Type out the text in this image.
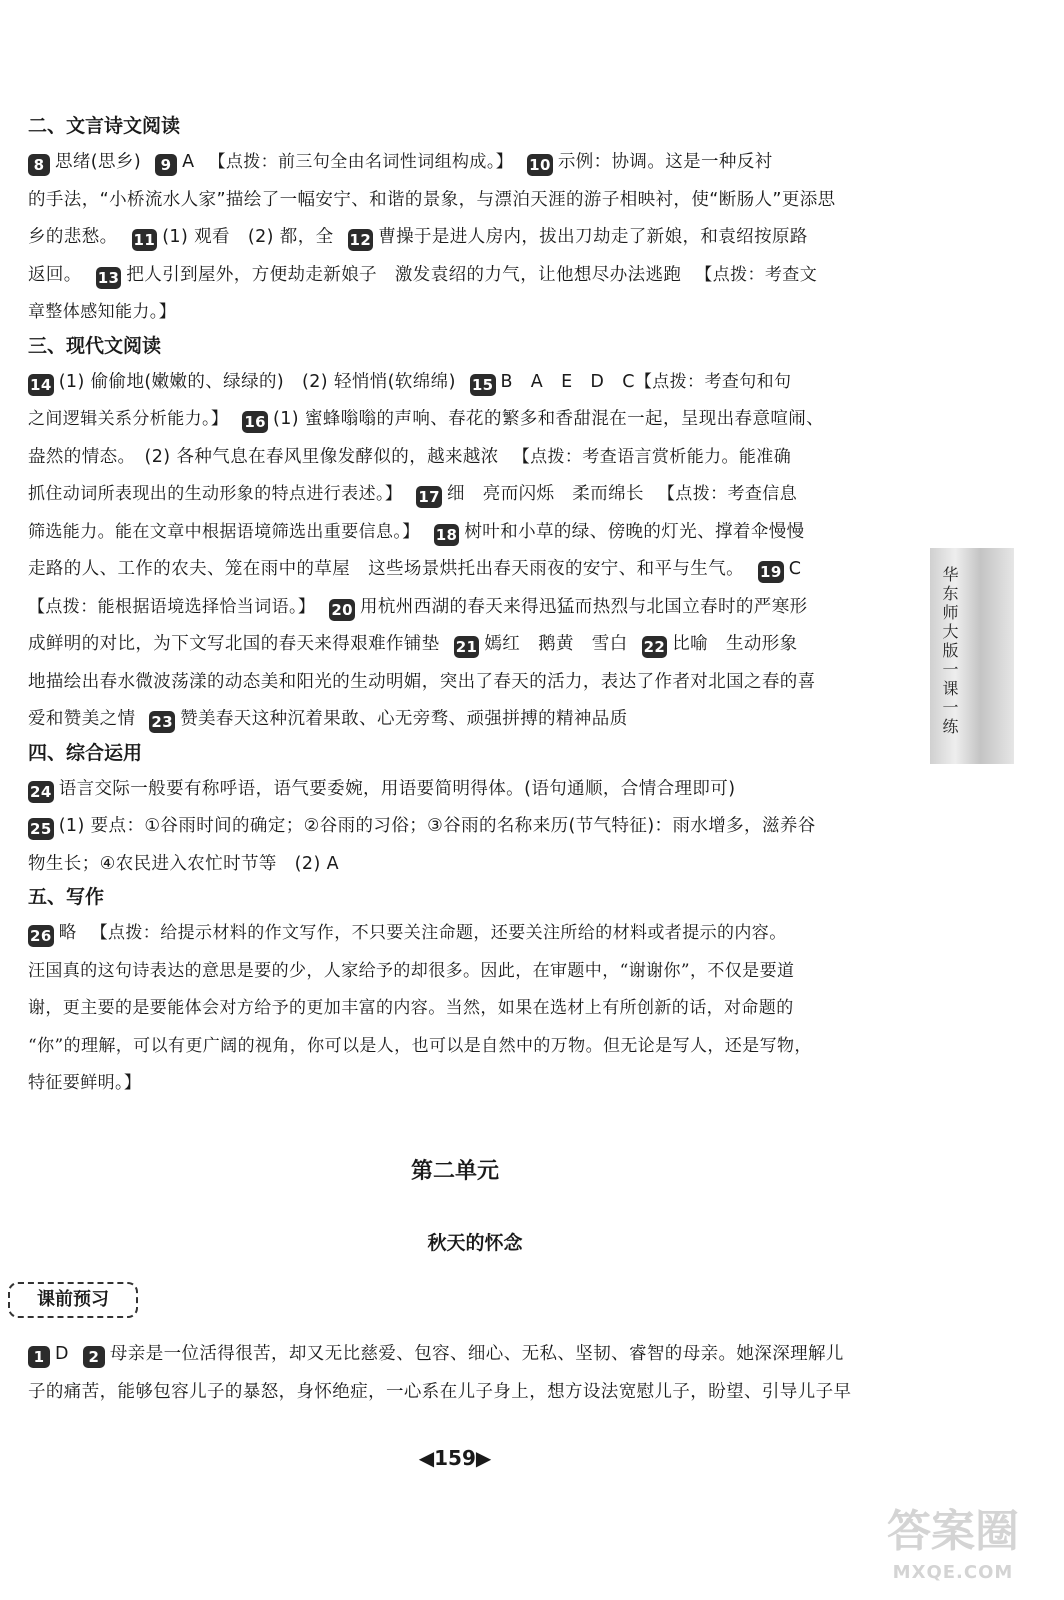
二、文言诗文阅读

8 思绪(思乡) 9 A 【点拨：前三句全由名词性词组构成。】 10 示例：协调。这是一种反衬
的手法，“小桥流水人家”描绘了一幅安宁、和谐的景象，与漂泊天涯的游子相映衬，使“断肠人”更添思
乡的悲愁。 11 (1) 观看　(2) 都，全 12 曹操于是进人房内，拔出刀劫走了新娘，和袁绍按原路
返回。 13 把人引到屋外，方便劫走新娘子　激发袁绍的力气，让他想尽办法逃跑 【点拨：考查文
章整体感知能力。】

三、现代文阅读

14 (1) 偷偷地(嫩嫩的、绿绿的)　(2) 轻悄悄(软绵绵) 15 B　A　E　D　C【点拨：考查句和句
之间逻辑关系分析能力。】 16 (1) 蜜蜂嗡嗡的声响、春花的繁多和香甜混在一起，呈现出春意喧闹、
盎然的情态。　(2) 各种气息在春风里像发酵似的，越来越浓 【点拨：考查语言赏析能力。能准确
抓住动词所表现出的生动形象的特点进行表述。】 17 细　亮而闪烁　柔而绵长 【点拨：考查信息
筛选能力。能在文章中根据语境筛选出重要信息。】 18 树叶和小草的绿、傍晚的灯光、撑着伞慢慢
走路的人、工作的农夫、笼在雨中的草屋　这些场景烘托出春天雨夜的安宁、和平与生气。 19 C
【点拨：能根据语境选择恰当词语。】 20 用杭州西湖的春天来得迅猛而热烈与北国立春时的严寒形
成鲜明的对比，为下文写北国的春天来得艰难作铺垫 21 嫣红　鹅黄　雪白 22 比喻　生动形象
地描绘出春水微波荡漾的动态美和阳光的生动明媚，突出了春天的活力，表达了作者对北国之春的喜
爱和赞美之情 23 赞美春天这种沉着果敢、心无旁骛、顽强拼搏的精神品质

四、综合运用

24 语言交际一般要有称呼语，语气要委婉，用语要简明得体。(语句通顺，合情合理即可)
25 (1) 要点：①谷雨时间的确定；②谷雨的习俗；③谷雨的名称来历(节气特征)：雨水增多，滋养谷
物生长；④农民进入农忙时节等　(2) A

五、写作

26 略 【点拨：给提示材料的作文写作，不只要关注命题，还要关注所给的材料或者提示的内容。
汪国真的这句诗表达的意思是要的少，人家给予的却很多。因此，在审题中，“谢谢你”，不仅是要道
谢，更主要的是要能体会对方给予的更加丰富的内容。当然，如果在选材上有所创新的话，对命题的
“你”的理解，可以有更广阔的视角，你可以是人，也可以是自然中的万物。但无论是写人，还是写物，
特征要鲜明。】

第二单元
秋天的怀念
课前预习

1 D 2 母亲是一位活得很苦，却又无比慈爱、包容、细心、无私、坚韧、睿智的母亲。她深深理解儿
子的痛苦，能够包容儿子的暴怒，身怀绝症，一心系在儿子身上，想方设法宽慰儿子，盼望、引导儿子早

◀159▶
华东师大版一课一练
答案圈
MXQE.COM
